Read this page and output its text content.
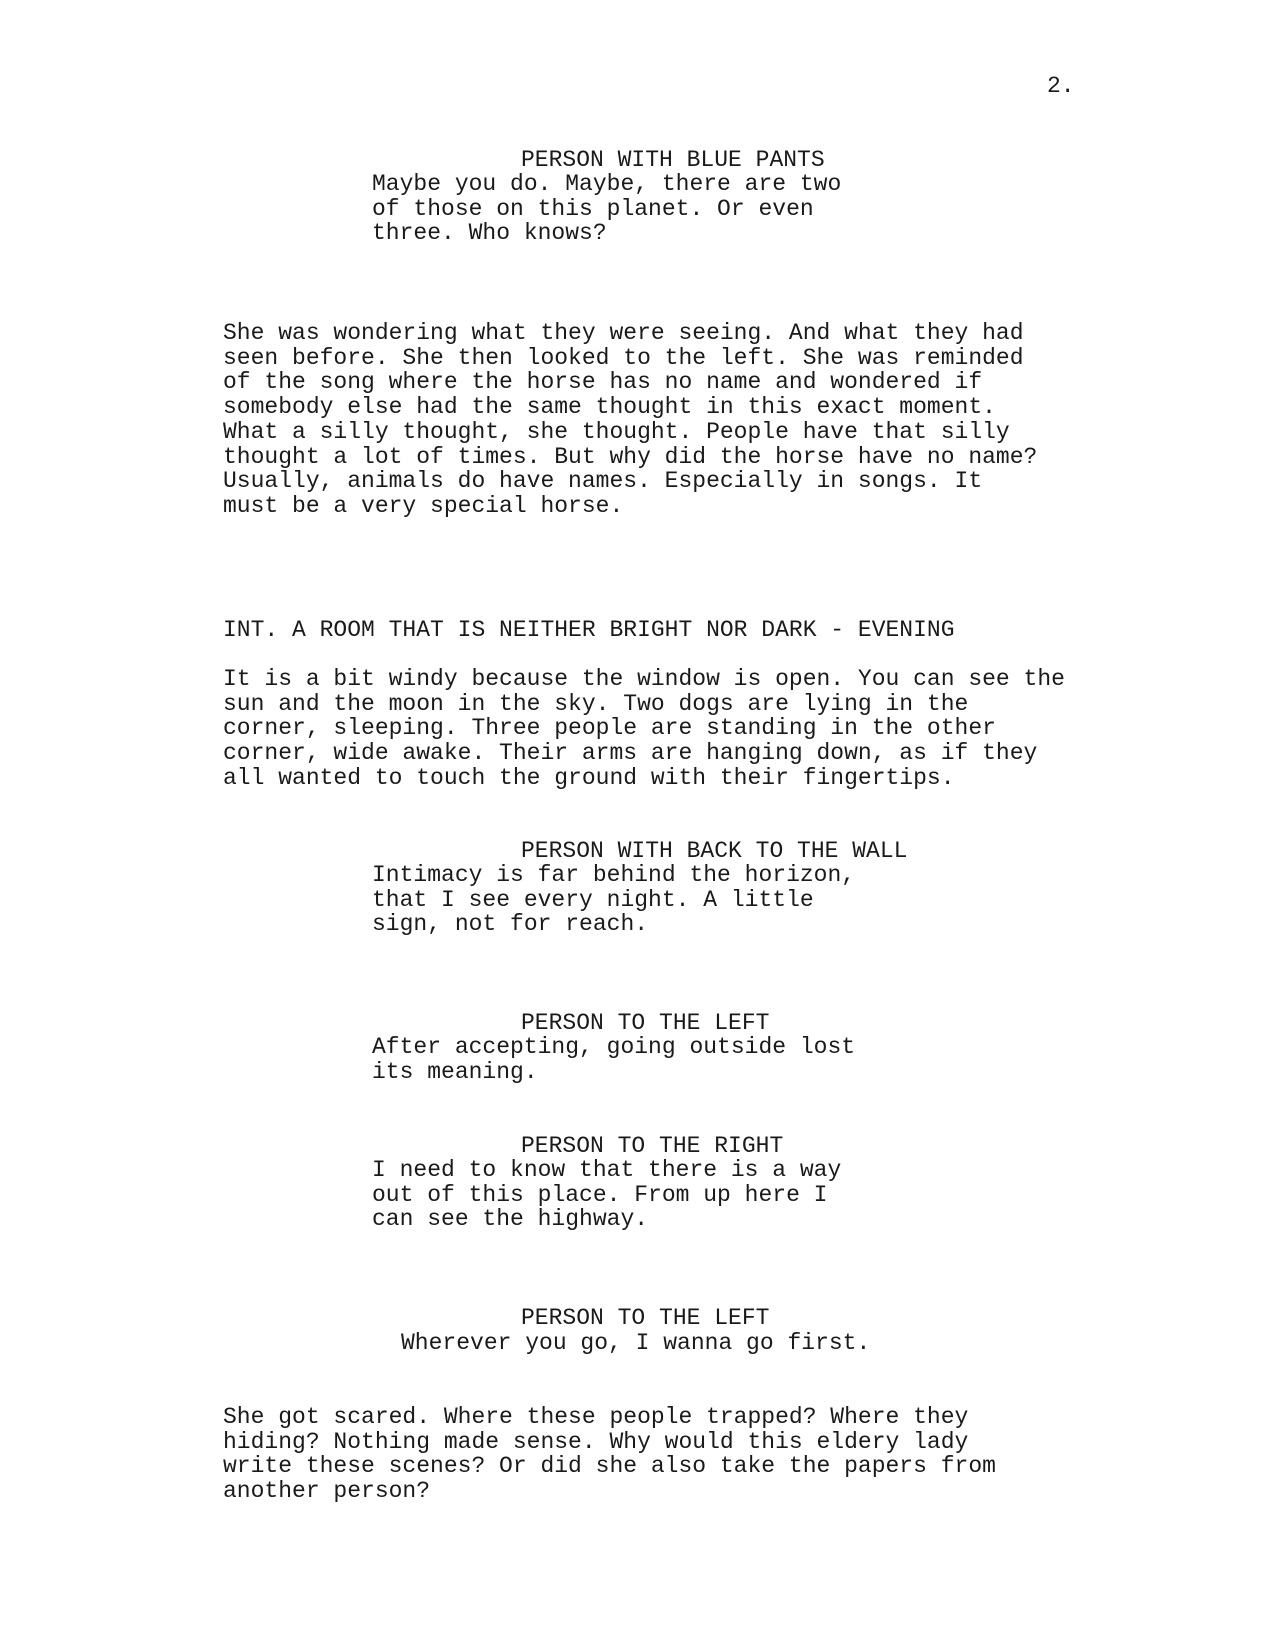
2.
PERSON WITH BLUE PANTS
Maybe you do. Maybe, there are two
of those on this planet. Or even
three. Who knows?
She was wondering what they were seeing. And what they had
seen before. She then looked to the left. She was reminded
of the song where the horse has no name and wondered if
somebody else had the same thought in this exact moment.
What a silly thought, she thought. People have that silly
thought a lot of times. But why did the horse have no name?
Usually, animals do have names. Especially in songs. It
must be a very special horse.
INT. A ROOM THAT IS NEITHER BRIGHT NOR DARK - EVENING
It is a bit windy because the window is open. You can see the
sun and the moon in the sky. Two dogs are lying in the
corner, sleeping. Three people are standing in the other
corner, wide awake. Their arms are hanging down, as if they
all wanted to touch the ground with their fingertips.
PERSON WITH BACK TO THE WALL
Intimacy is far behind the horizon,
that I see every night. A little
sign, not for reach.
PERSON TO THE LEFT
After accepting, going outside lost
its meaning.
PERSON TO THE RIGHT
I need to know that there is a way
out of this place. From up here I
can see the highway.
PERSON TO THE LEFT
Wherever you go, I wanna go first.
She got scared. Where these people trapped? Where they
hiding? Nothing made sense. Why would this eldery lady
write these scenes? Or did she also take the papers from
another person?
